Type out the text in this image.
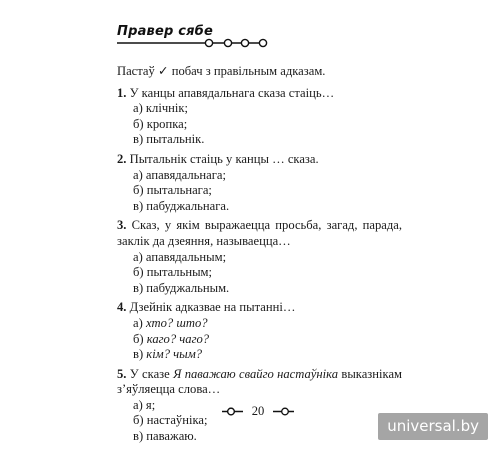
Правер сябе
Пастаў ✓ побач з правільным адказам.
1. У канцы апавядальнага сказа стаіць…
а) клічнік;
б) кропка;
в) пытальнік.
2. Пытальнік стаіць у канцы … сказа.
а) апавядальнага;
б) пытальнага;
в) пабуджальнага.
3. Сказ, у якім выражаецца просьба, загад, парада, заклік да дзеяння, называецца…
а) апавядальным;
б) пытальным;
в) пабуджальным.
4. Дзейнік адказвае на пытанні…
а) хто? што?
б) каго? чаго?
в) кім? чым?
5. У сказе Я паважаю свайго настаўніка выказнікам з’яўляецца слова…
а) я;
б) настаўніка;
в) паважаю.
20
universal.by
